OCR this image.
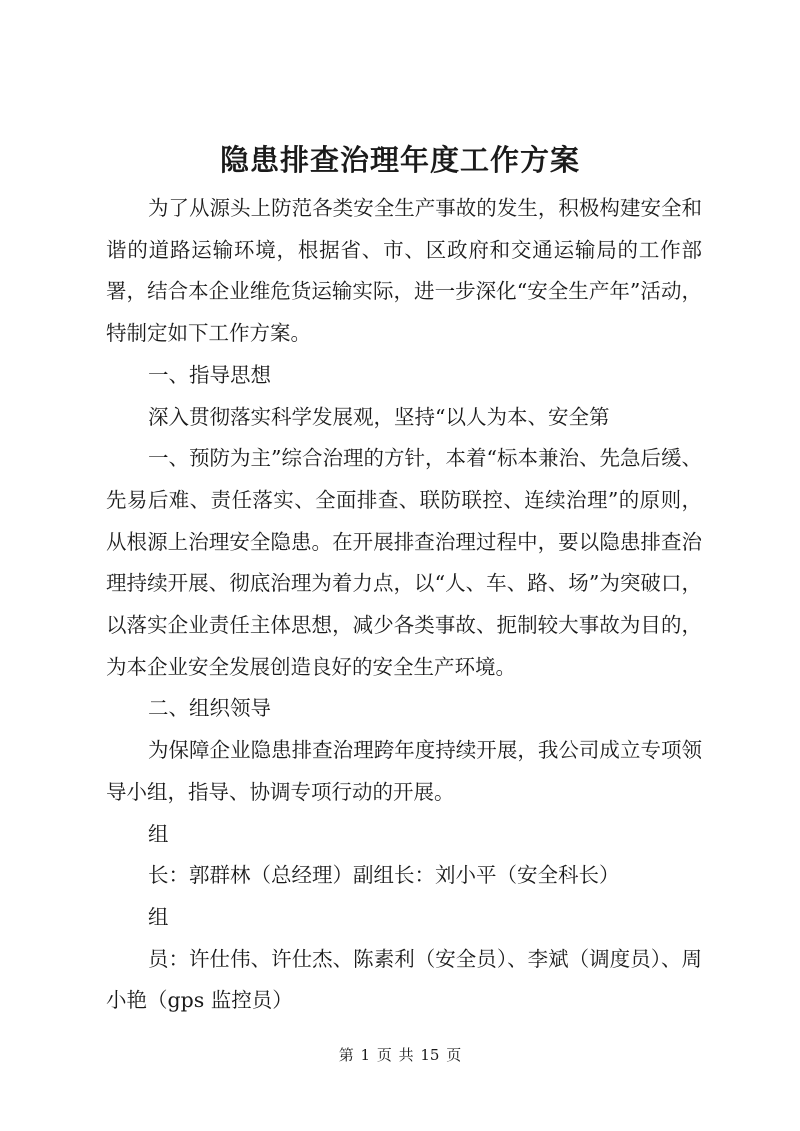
隐患排查治理年度工作方案

为了从源头上防范各类安全生产事故的发生，积极构建安全和谐的道路运输环境，根据省、市、区政府和交通运输局的工作部署，结合本企业维危货运输实际，进一步深化“安全生产年”活动，特制定如下工作方案。

一、指导思想

深入贯彻落实科学发展观，坚持“以人为本、安全第

一、预防为主”综合治理的方针，本着“标本兼治、先急后缓、先易后难、责任落实、全面排查、联防联控、连续治理”的原则，从根源上治理安全隐患。在开展排查治理过程中，要以隐患排查治理持续开展、彻底治理为着力点，以“人、车、路、场”为突破口，以落实企业责任主体思想，减少各类事故、扼制较大事故为目的，为本企业安全发展创造良好的安全生产环境。

二、组织领导

为保障企业隐患排查治理跨年度持续开展，我公司成立专项领导小组，指导、协调专项行动的开展。

组

长：郭群林（总经理）副组长：刘小平（安全科长）

组

员：许仕伟、许仕杰、陈素利（安全员）、李斌（调度员）、周小艳（gps 监控员）

第 1 页 共 15 页
